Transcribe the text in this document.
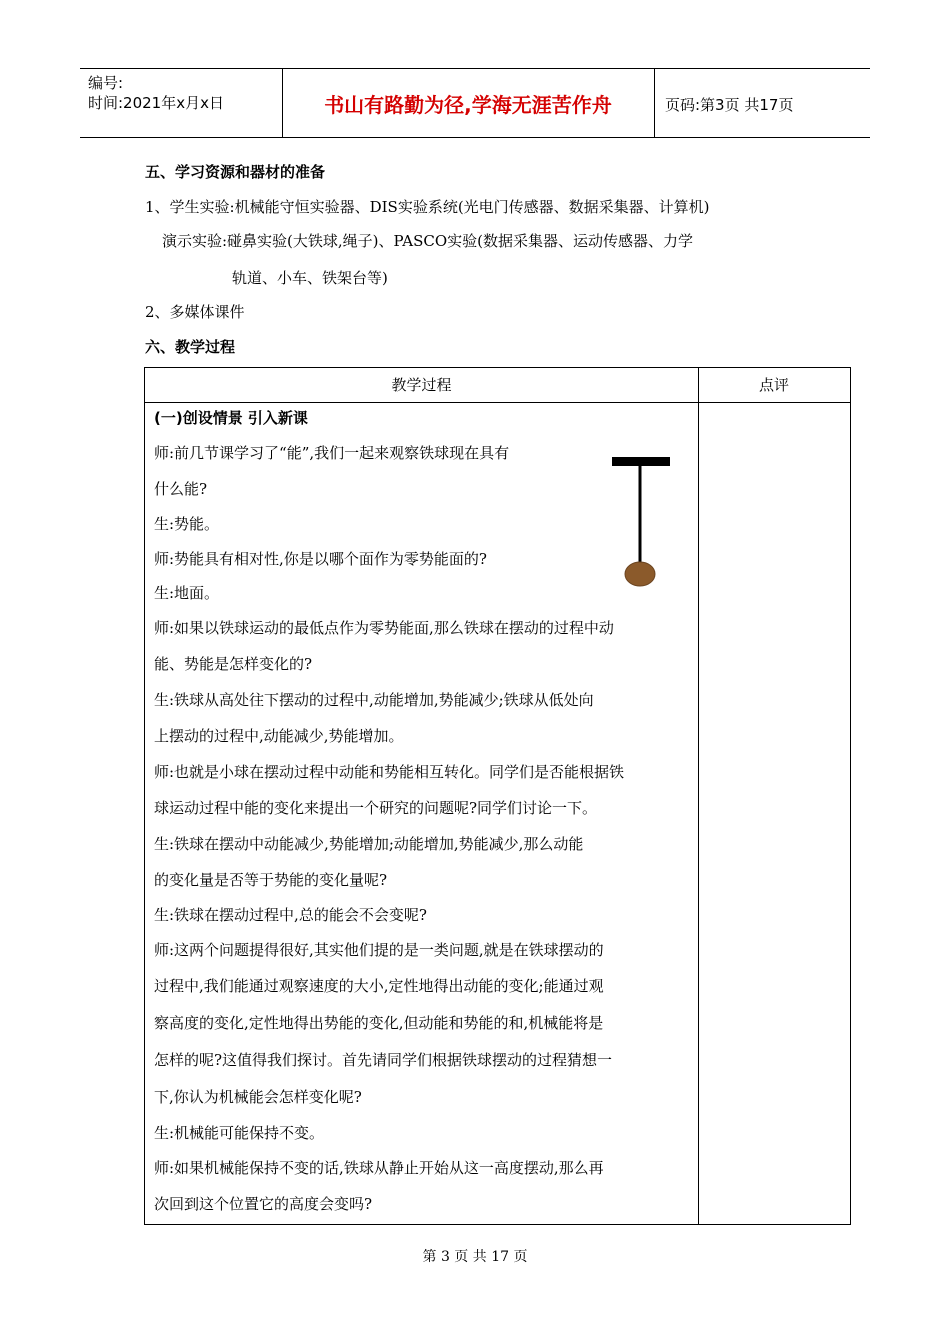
编号:
时间:2021年x月x日	书山有路勤为径,学海无涯苦作舟	页码:第3页 共17页
五、学习资源和器材的准备
1、学生实验:机械能守恒实验器、DIS实验系统(光电门传感器、数据采集器、计算机)
演示实验:碰鼻实验(大铁球,绳子)、PASCO实验(数据采集器、运动传感器、力学
轨道、小车、铁架台等)
2、多媒体课件
六、教学过程
教学过程	点评
(一)创设情景 引入新课
师:前几节课学习了“能”,我们一起来观察铁球现在具有
什么能?
生:势能。
师:势能具有相对性,你是以哪个面作为零势能面的?
生:地面。
师:如果以铁球运动的最低点作为零势能面,那么铁球在摆动的过程中动
能、势能是怎样变化的?
生:铁球从高处往下摆动的过程中,动能增加,势能减少;铁球从低处向
上摆动的过程中,动能减少,势能增加。
师:也就是小球在摆动过程中动能和势能相互转化。同学们是否能根据铁
球运动过程中能的变化来提出一个研究的问题呢?同学们讨论一下。
生:铁球在摆动中动能减少,势能增加;动能增加,势能减少,那么动能
的变化量是否等于势能的变化量呢?
生:铁球在摆动过程中,总的能会不会变呢?
师:这两个问题提得很好,其实他们提的是一类问题,就是在铁球摆动的
过程中,我们能通过观察速度的大小,定性地得出动能的变化;能通过观
察高度的变化,定性地得出势能的变化,但动能和势能的和,机械能将是
怎样的呢?这值得我们探讨。首先请同学们根据铁球摆动的过程猜想一
下,你认为机械能会怎样变化呢?
生:机械能可能保持不变。
师:如果机械能保持不变的话,铁球从静止开始从这一高度摆动,那么再
次回到这个位置它的高度会变吗?
第 3 页 共 17 页
